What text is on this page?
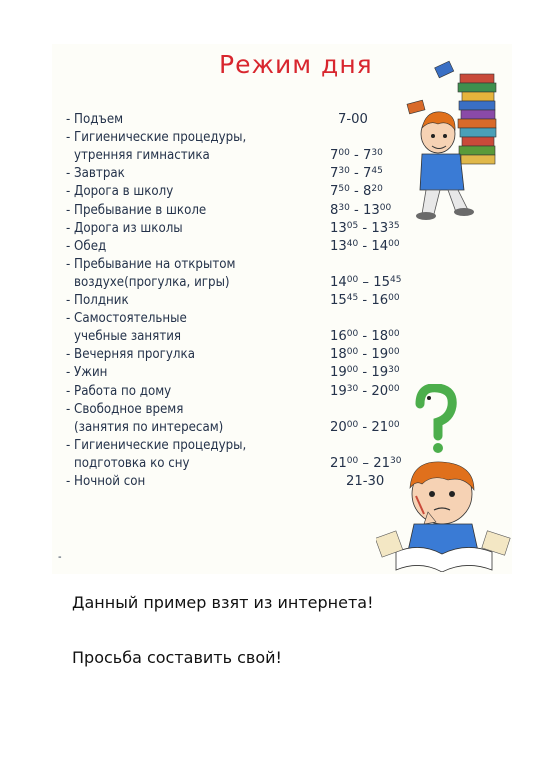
Режим дня
-
- Подъем	7-00
- Гигиенические процедуры,
утренняя гимнастика	$7^{00} - 7^{30}$
- Завтрак	$7^{30} - 7^{45}$
- Дорога в школу	$7^{50} - 8^{20}$
- Пребывание в школе	$8^{30} - 13^{00}$
- Дорога из школы	$13^{05} - 13^{35}$
- Обед	$13^{40} - 14^{00}$
- Пребывание на открытом
воздухе(прогулка, игры)	$14^{00} - 15^{45}$
- Полдник	$15^{45} - 16^{00}$
- Самостоятельные
учебные занятия	$16^{00} - 18^{00}$
- Вечерняя прогулка	$18^{00} - 19^{00}$
- Ужин	$19^{00} - 19^{30}$
- Работа по дому	$19^{30} - 20^{00}$
- Свободное время
(занятия по интересам)	$20^{00} - 21^{00}$
- Гигиенические процедуры,
подготовка ко сну	$21^{00} - 21^{30}$
- Ночной сон	21-30
Данный пример взят из интернета!
Просьба составить свой!
